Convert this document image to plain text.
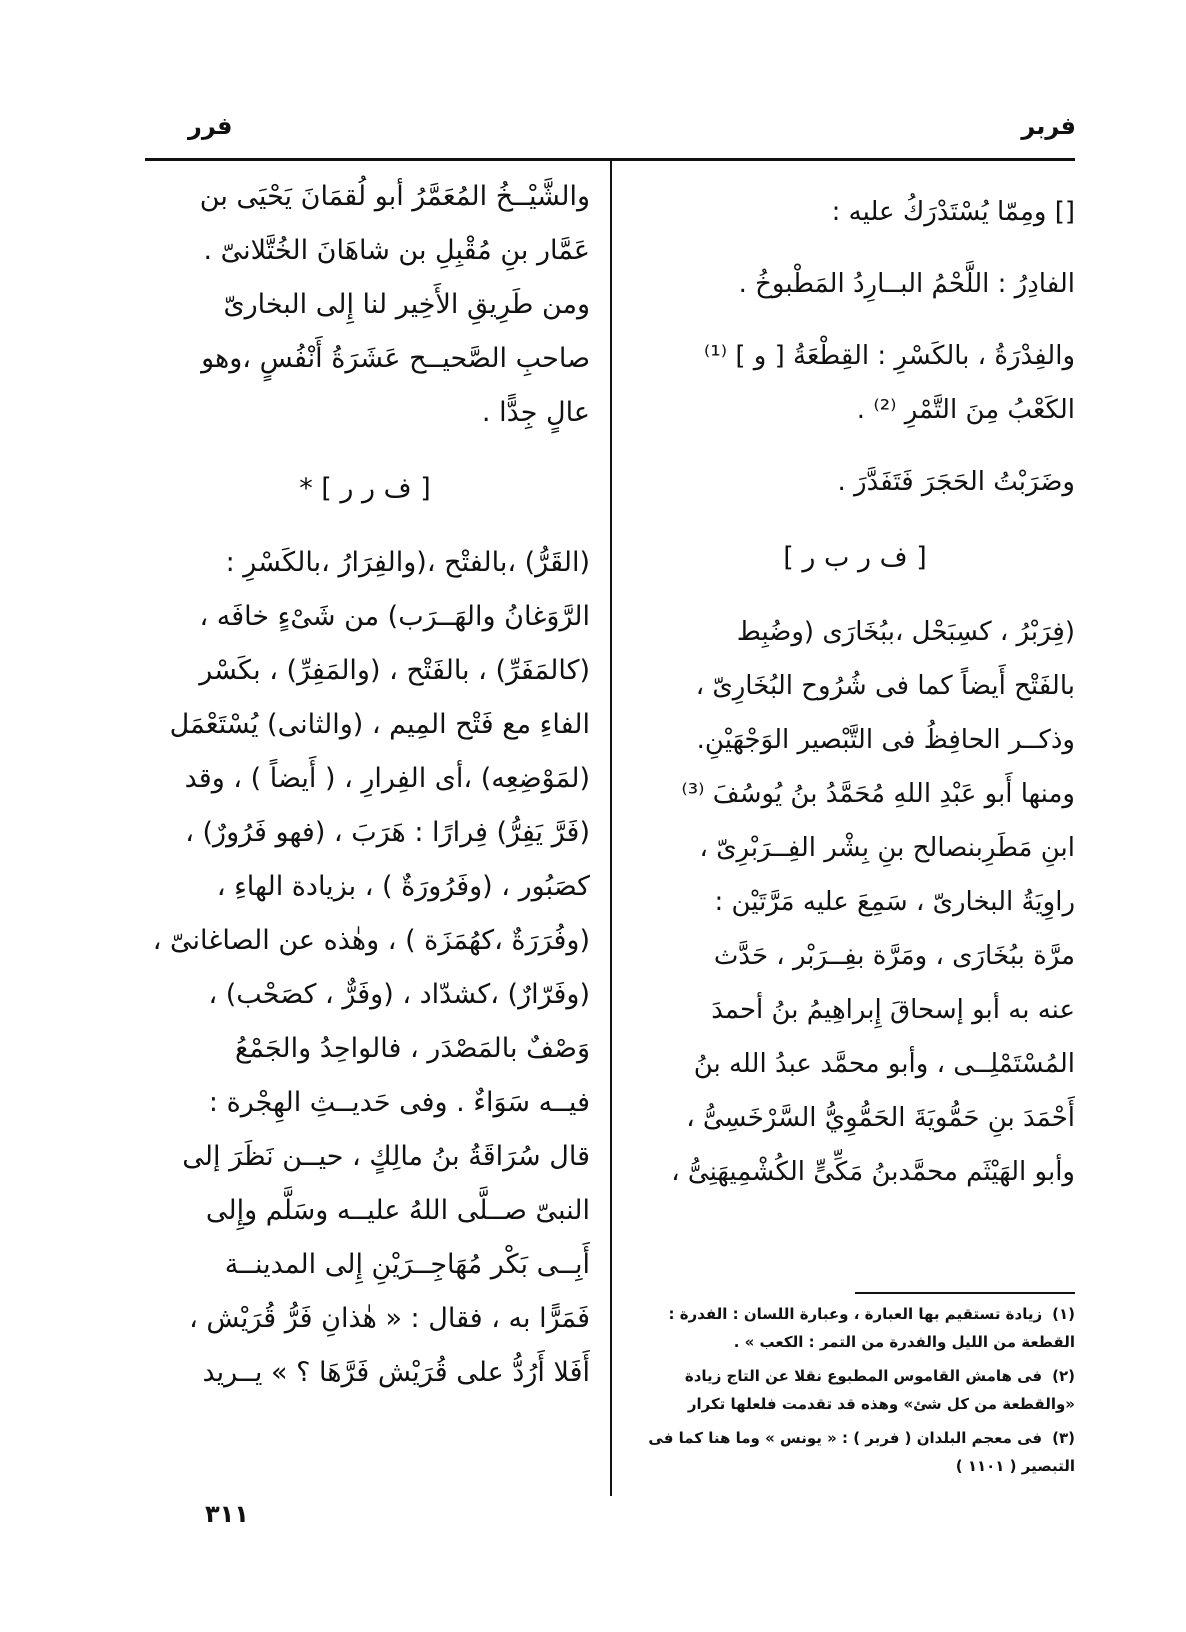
فرر	فربر
[] ومِمّا يُسْتَدْرَكُ عليه :
الفادِرُ : اللَّحْمُ البــارِدُ المَطْبوخُ .
والفِدْرَةُ ، بالكَسْرِ : القِطْعَةُ [ و ] ⁽¹⁾
الكَعْبُ مِنَ التَّمْرِ ⁽²⁾ .
وضَرَبْتُ الحَجَرَ فَتَفَدَّرَ .
[ ف ر ب ر ]
(فِرَبْرُ ، كسِبَحْل ،ببُخَارَى (وضُبِط
بالفَتْح أَيضاً كما فى شُرُوح البُخَارِىّ ،
وذكــر الحافِظُ فى التَّبْصير الوَجْهَيْنِ.
ومنها أَبو عَبْدِ اللهِ مُحَمَّدُ بنُ يُوسُفَ ⁽³⁾
ابنِ مَطَرِبنصالح بنِ بِشْر الفِــرَبْرِىّ ،
راوِيَةُ البخارىّ ، سَمِعَ عليه مَرَّتَيْن :
مرَّة ببُخَارَى ، ومَرَّة بفِــرَبْر ، حَدَّث
عنه به أبو إسحاقَ إِبراهِيمُ بنُ أحمدَ
المُسْتَمْلِــى ، وأبو محمَّد عبدُ الله بنُ
أَحْمَدَ بنِ حَمُّويَةَ الحَمُّوِيُّ السَّرْخَسِىُّ ،
وأبو الهَيْثَم محمَّدبنُ مَكِّىٍّ الكُشْمِيهَنِىُّ ،
والشَّيْــخُ المُعَمَّرُ أبو لُقمَانَ يَحْيَى بن
عَمَّار بنِ مُقْبِلِ بن شاهَانَ الخُتَّلانىّ .
ومن طَرِيقِ الأَخِير لنا إِلى البخارىّ
صاحبِ الصَّحيــح عَشَرَةُ أَنْفُسٍ ،وهو
عالٍ جِدًّا .
[ ف ر ر ] *
(القَرُّ) ،بالفتْح ،(والفِرَارُ ،بالكَسْرِ :
الرَّوَغانُ والهَــرَب) من شَىْءٍ خافَه ،
(كالمَفَرِّ) ، بالفَتْح ، (والمَفِرِّ) ، بكَسْر
الفاءِ مع فَتْح المِيم ، (والثانى) يُسْتَعْمَل
(لمَوْضِعِه) ،أى الفِرارِ ، ( أَيضاً ) ، وقد
(فَرَّ يَفِرُّ) فِرارًا : هَرَبَ ، (فهو فَرُورٌ) ،
كصَبُور ، (وفَرُورَةٌ ) ، بزيادة الهاءِ ،
(وفُرَرَةٌ ،كهُمَزَة ) ، وهٰذه عن الصاغانىّ ،
(وفَرّارٌ) ،كشدّاد ، (وفَرٌّ ، كصَحْب) ،
وَصْفٌ بالمَصْدَر ، فالواحِدُ والجَمْعُ
فيــه سَوَاءٌ . وفى حَديــثِ الهِجْرة :
قال سُرَاقَةُ بنُ مالِكٍ ، حيــن نَظَرَ إلى
النبىّ صــلَّى اللهُ عليــه وسَلَّم وإِلى
أَبِــى بَكْر مُهَاجِــرَيْنِ إِلى المدينــة
فَمَرًّا به ، فقال : « هٰذانِ فَرُّ قُرَيْش ،
أَفَلا أَرُدُّ على قُرَيْش فَرَّهَا ؟ » يــريد
(١)زيادة تستقيم بها العبارة ، وعبارة اللسان : الفدرة : القطعة من الليل والفدرة من التمر : الكعب » .
(٢)فى هامش القاموس المطبوع نقلا عن التاج زيادة «والقطعة من كل شئ» وهذه قد تقدمت فلعلها تكرار
(٣)فى معجم البلدان ( فربر ) : « يونس » وما هنا كما فى التبصير ( ١١٠١ )
٣١١
